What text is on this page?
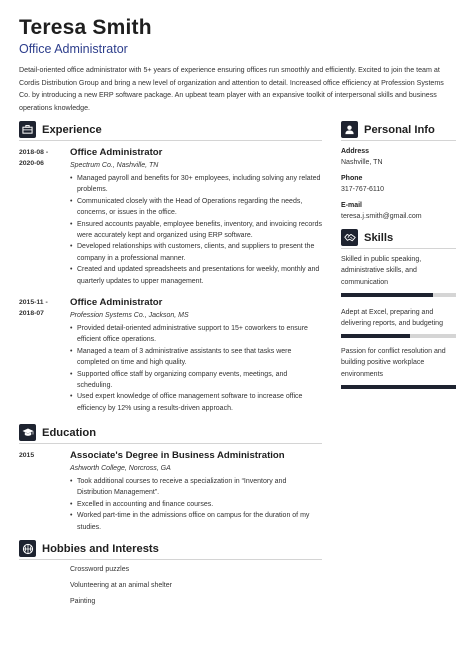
Teresa Smith
Office Administrator
Detail-oriented office administrator with 5+ years of experience ensuring offices run smoothly and efficiently. Excited to join the team at Cordis Distribution Group and bring a new level of organization and attention to detail. Increased office efficiency at Profession Systems Co. by introducing a new ERP software package. An upbeat team player with an expansive toolkit of interpersonal skills and business operations knowledge.
Experience
2018-08 -
2020-06
Office Administrator
Spectrum Co., Nashville, TN
• Managed payroll and benefits for 30+ employees, including solving any related problems.
• Communicated closely with the Head of Operations regarding the needs, concerns, or issues in the office.
• Ensured accounts payable, employee benefits, inventory, and invoicing records were accurately kept and organized using ERP software.
• Developed relationships with customers, clients, and suppliers to present the company in a professional manner.
• Created and updated spreadsheets and presentations for weekly, monthly and quarterly updates to upper management.
2015-11 -
2018-07
Office Administrator
Profession Systems Co., Jackson, MS
• Provided detail-oriented administrative support to 15+ coworkers to ensure efficient office operations.
• Managed a team of 3 administrative assistants to see that tasks were completed on time and high quality.
• Supported office staff by organizing company events, meetings, and scheduling.
• Used expert knowledge of office management software to increase office efficiency by 12% using a results-driven approach.
Education
2015	Associate's Degree in Business Administration
Ashworth College, Norcross, GA
• Took additional courses to receive a specialization in “Inventory and Distribution Management”.
• Excelled in accounting and finance courses.
• Worked part-time in the admissions office on campus for the duration of my studies.
Hobbies and Interests
Crossword puzzles
Volunteering at an animal shelter
Painting
Personal Info
Address
Nashville, TN
Phone
317-767-6110
E-mail
teresa.j.smith@gmail.com
Skills
Skilled in public speaking, administrative skills, and communication
Adept at Excel, preparing and delivering reports, and budgeting
Passion for conflict resolution and building positive workplace environments
